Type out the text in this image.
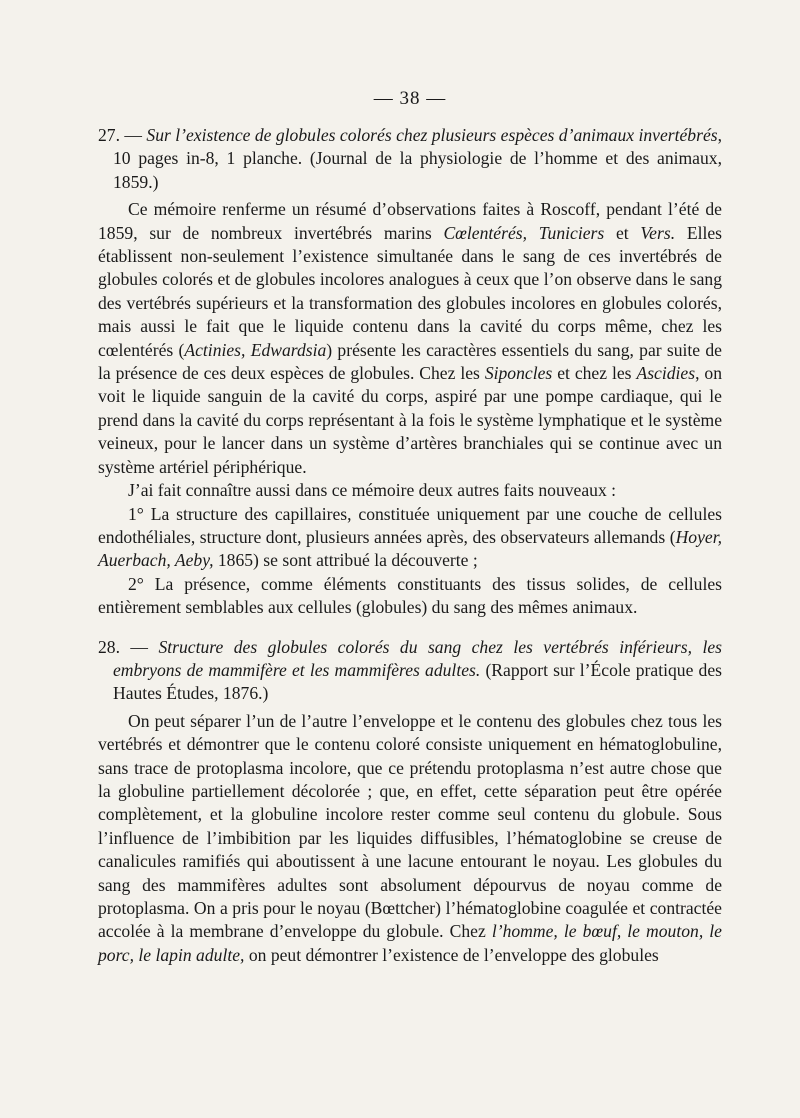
— 38 —

27. — Sur l’existence de globules colorés chez plusieurs espèces d’animaux invertébrés, 10 pages in-8, 1 planche. (Journal de la physiologie de l’homme et des animaux, 1859.)

Ce mémoire renferme un résumé d’observations faites à Roscoff, pendant l’été de 1859, sur de nombreux invertébrés marins Cœlentérés, Tuniciers et Vers. Elles établissent non-seulement l’existence simultanée dans le sang de ces invertébrés de globules colorés et de globules incolores analogues à ceux que l’on observe dans le sang des vertébrés supérieurs et la transformation des globules incolores en globules colorés, mais aussi le fait que le liquide contenu dans la cavité du corps même, chez les cœlentérés (Actinies, Edwardsia) présente les caractères essentiels du sang, par suite de la présence de ces deux espèces de globules. Chez les Siponcles et chez les Ascidies, on voit le liquide sanguin de la cavité du corps, aspiré par une pompe cardiaque, qui le prend dans la cavité du corps représentant à la fois le système lymphatique et le système veineux, pour le lancer dans un système d’artères branchiales qui se continue avec un système artériel périphérique.

J’ai fait connaître aussi dans ce mémoire deux autres faits nouveaux :

1° La structure des capillaires, constituée uniquement par une couche de cellules endothéliales, structure dont, plusieurs années après, des observateurs allemands (Hoyer, Auerbach, Aeby, 1865) se sont attribué la découverte ;

2° La présence, comme éléments constituants des tissus solides, de cellules entièrement semblables aux cellules (globules) du sang des mêmes animaux.

28. — Structure des globules colorés du sang chez les vertébrés inférieurs, les embryons de mammifère et les mammifères adultes. (Rapport sur l’École pratique des Hautes Études, 1876.)

On peut séparer l’un de l’autre l’enveloppe et le contenu des globules chez tous les vertébrés et démontrer que le contenu coloré consiste uniquement en hématoglobuline, sans trace de protoplasma incolore, que ce prétendu protoplasma n’est autre chose que la globuline partiellement décolorée ; que, en effet, cette séparation peut être opérée complètement, et la globuline incolore rester comme seul contenu du globule. Sous l’influence de l’imbibition par les liquides diffusibles, l’hématoglobine se creuse de canalicules ramifiés qui aboutissent à une lacune entourant le noyau. Les globules du sang des mammifères adultes sont absolument dépourvus de noyau comme de protoplasma. On a pris pour le noyau (Bœttcher) l’hématoglobine coagulée et contractée accolée à la membrane d’enveloppe du globule. Chez l’homme, le bœuf, le mouton, le porc, le lapin adulte, on peut démontrer l’existence de l’enveloppe des globules
